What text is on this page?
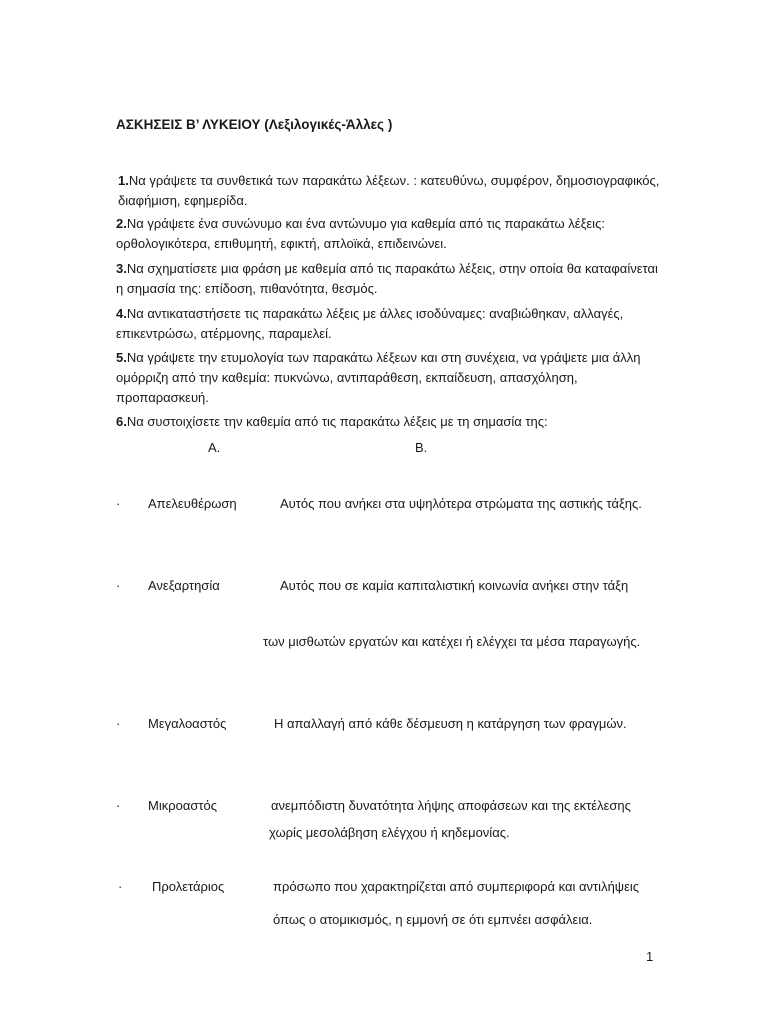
ΑΣΚΗΣΕΙΣ Β’ ΛΥΚΕΙΟΥ (Λεξιλογικές-Άλλες )
1.Να γράψετε τα συνθετικά των παρακάτω λέξεων. : κατευθύνω, συμφέρον, δημοσιογραφικός, διαφήμιση, εφημερίδα.
2.Να γράψετε ένα συνώνυμο και ένα αντώνυμο για καθεμία από τις παρακάτω λέξεις: ορθολογικότερα, επιθυμητή, εφικτή, απλοϊκά, επιδεινώνει.
3.Να σχηματίσετε μια φράση με καθεμία από τις παρακάτω λέξεις, στην οποία θα καταφαίνεται η σημασία της: επίδοση, πιθανότητα, θεσμός.
4.Να αντικαταστήσετε τις παρακάτω λέξεις με άλλες ισοδύναμες: αναβιώθηκαν, αλλαγές, επικεντρώσω, ατέρμονης, παραμελεί.
5.Να γράψετε την ετυμολογία των παρακάτω λέξεων και στη συνέχεια, να γράψετε μια άλλη ομόρριζη από την καθεμία: πυκνώνω, αντιπαράθεση, εκπαίδευση, απασχόληση, προπαρασκευή.
6.Να συστοιχίσετε την καθεμία από τις παρακάτω λέξεις με τη σημασία της:
Α.	Β.
· Απελευθέρωση	Αυτός που ανήκει στα υψηλότερα στρώματα της αστικής τάξης.
· Ανεξαρτησία	Αυτός που σε καμία καπιταλιστική κοινωνία ανήκει στην τάξη
των μισθωτών εργατών και κατέχει ή ελέγχει τα μέσα παραγωγής.
· Μεγαλοαστός	Η απαλλαγή από κάθε δέσμευση η κατάργηση των φραγμών.
· Μικροαστός	ανεμπόδιστη δυνατότητα λήψης αποφάσεων και της εκτέλεσης
χωρίς μεσολάβηση ελέγχου ή κηδεμονίας.
· Προλετάριος	πρόσωπο που χαρακτηρίζεται από συμπεριφορά και αντιλήψεις
όπως ο ατομικισμός, η εμμονή σε ότι εμπνέει ασφάλεια.
1
